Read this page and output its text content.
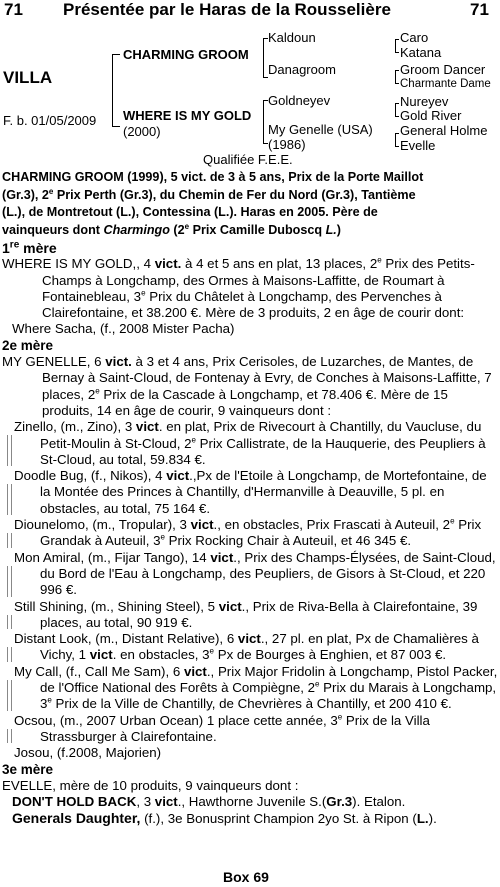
71 Présentée par le Haras de la Rousselière	71
VILLA
F. b. 01/05/2009
CHARMING GROOM
WHERE IS MY GOLD
(2000)
Kaldoun
Danagroom
Goldneyev
My Genelle (USA)
(1986)
Caro
Katana
Groom Dancer
Charmante Dame
Nureyev
Gold River
General Holme
Evelle
Qualifiée F.E.E.
CHARMING GROOM (1999), 5 vict. de 3 à 5 ans, Prix de la Porte Maillot
(Gr.3), 2e Prix Perth (Gr.3), du Chemin de Fer du Nord (Gr.3), Tantième
(L.), de Montretout (L.), Contessina (L.). Haras en 2005. Père de
vainqueurs dont Charmingo (2e Prix Camille Duboscq L.)
1re mère
WHERE IS MY GOLD,, 4 vict. à 4 et 5 ans en plat, 13 places, 2e Prix des Petits-Champs à Longchamp, des Ormes à Maisons-Laffitte, de Roumart à Fontainebleau, 3e Prix du Châtelet à Longchamp, des Pervenches à Clairefontaine, et 38.200 €. Mère de 3 produits, 2 en âge de courir dont:
Where Sacha, (f., 2008 Mister Pacha)
2e mère
MY GENELLE, 6 vict. à 3 et 4 ans, Prix Cerisoles, de Luzarches, de Mantes, de Bernay à Saint-Cloud, de Fontenay à Evry, de Conches à Maisons-Laffitte, 7 places, 2e Prix de la Cascade à Longchamp, et 78.406 €. Mère de 15 produits, 14 en âge de courir, 9 vainqueurs dont :
Zinello, (m., Zino), 3 vict. en plat, Prix de Rivecourt à Chantilly, du Vaucluse, du Petit-Moulin à St-Cloud, 2e Prix Callistrate, de la Hauquerie, des Peupliers à St-Cloud, au total, 59.834 €.
Doodle Bug, (f., Nikos), 4 vict.,Px de l'Etoile à Longchamp, de Mortefontaine, de la Montée des Princes à Chantilly, d'Hermanville à Deauville, 5 pl. en obstacles, au total, 75 164 €.
Diounelomo, (m., Tropular), 3 vict., en obstacles, Prix Frascati à Auteuil, 2e Prix Grandak à Auteuil, 3e Prix Rocking Chair à Auteuil, et 46 345 €.
Mon Amiral, (m., Fijar Tango), 14 vict., Prix des Champs-Élysées, de Saint-Cloud, du Bord de l'Eau à Longchamp, des Peupliers, de Gisors à St-Cloud, et 220 996 €.
Still Shining, (m., Shining Steel), 5 vict., Prix de Riva-Bella à Clairefontaine, 39 places, au total, 90 919 €.
Distant Look, (m., Distant Relative), 6 vict., 27 pl. en plat, Px de Chamalières à Vichy, 1 vict. en obstacles, 3e Px de Bourges à Enghien, et 87 003 €.
My Call, (f., Call Me Sam), 6 vict., Prix Major Fridolin à Longchamp, Pistol Packer, de l'Office National des Forêts à Compiègne, 2e Prix du Marais à Longchamp, 3e Prix de la Ville de Chantilly, de Chevrières à Chantilly, et 200 410 €.
Ocsou, (m., 2007 Urban Ocean) 1 place cette année, 3e Prix de la Villa Strassburger à Clairefontaine.
Josou, (f.2008, Majorien)
3e mère
EVELLE, mère de 10 produits, 9 vainqueurs dont :
DON'T HOLD BACK, 3 vict., Hawthorne Juvenile S.(Gr.3). Etalon.
Generals Daughter, (f.), 3e Bonusprint Champion 2yo St. à Ripon (L.).
Box 69
